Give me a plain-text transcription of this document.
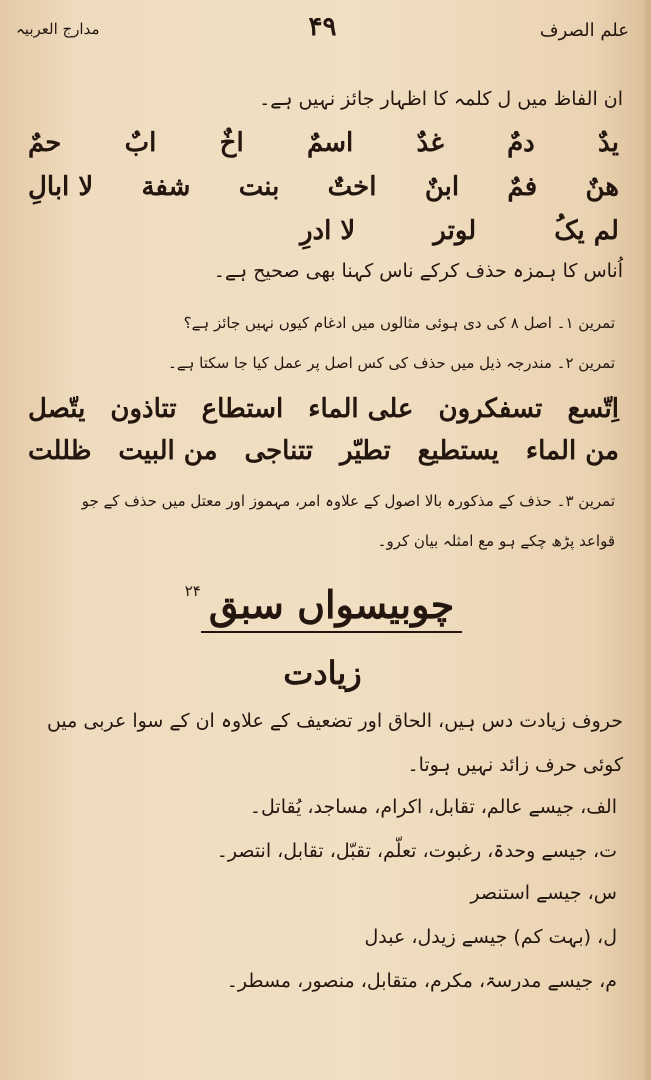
علم الصرف
۴۹
مدارج العربیہ
ان الفاظ میں ل کلمہ کا اظہار جائز نہیں ہے۔
یدٌ
دمٌ
غدٌ
اسمٌ
اخٌ
ابٌ
حمٌ
ھنٌ
فمٌ
ابنٌ
اختٌ
بنت
شفة
لا ابالِ
لم یکُ
لوتر
لا ادرِ
اُناس کا ہمزہ حذف کرکے ناس کہنا بھی صحیح ہے۔
تمرین ۱۔ اصل ۸ کی دی ہوئی مثالوں میں ادغام کیوں نہیں جائز ہے؟
تمرین ۲۔ مندرجہ ذیل میں حذف کی کس اصل پر عمل کیا جا سکتا ہے۔
اِتّسع
تسفکرون
علی الماء
استطاع
تتاذون
یتّصل
من الماء
یستطیع
تطیّر
تتناجی
من البیت
ظللت
تمرین ۳۔ حذف کے مذکورہ بالا اصول کے علاوہ امر، مہموز اور معتل میں حذف کے جو
قواعد پڑھ چکے ہو مع امثلہ بیان کرو۔
چوبیسواں سبق$^{۲۴}$
زیادت
حروف زیادت دس ہیں، الحاق اور تضعیف کے علاوہ ان کے سوا عربی میں
کوئی حرف زائد نہیں ہوتا۔
الف، جیسے عالم، تقابل، اکرام، مساجد، یُقاتل۔
ت، جیسے وحدۃ، رغبوت، تعلّم، تقبّل، تقابل، انتصر۔
س، جیسے استنصر
ل، (بہت کم) جیسے زیدل، عبدل
م، جیسے مدرسۃ، مکرم، متقابل، منصور، مسطر۔
